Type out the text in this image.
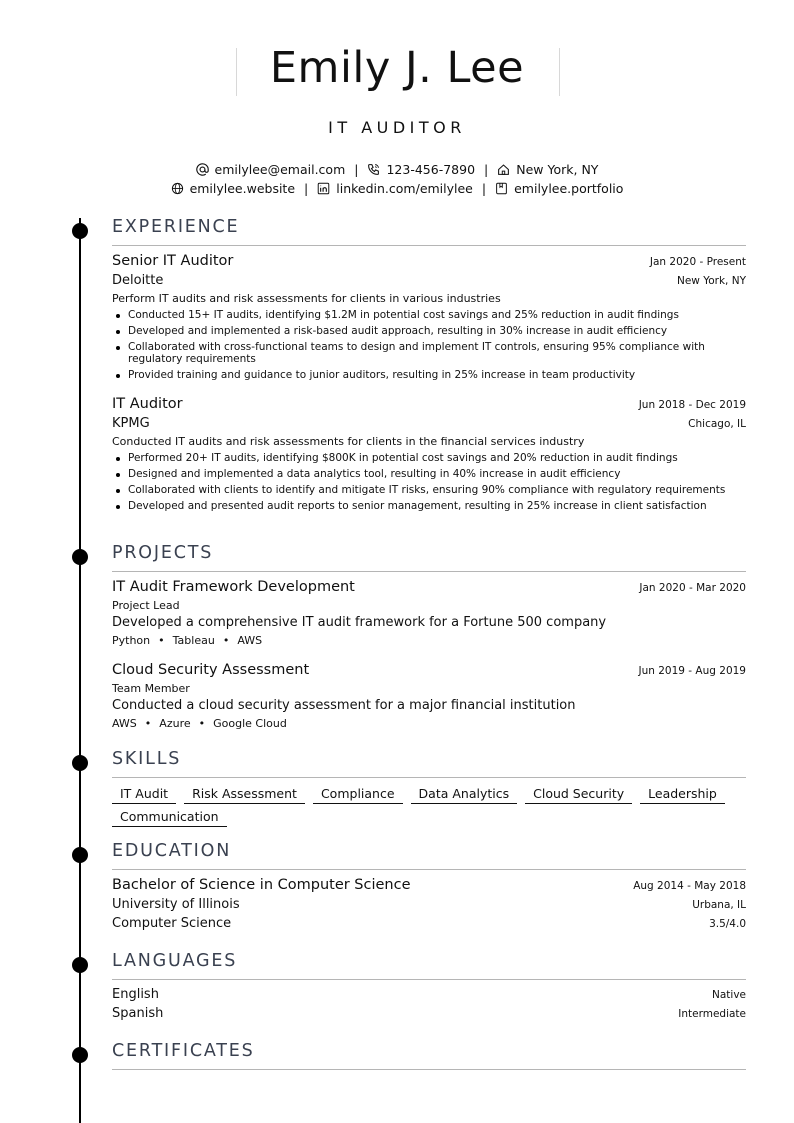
Emily J. Lee
IT AUDITOR
emilylee@email.com | 123-456-7890 | New York, NY
emilylee.website | linkedin.com/emilylee | emilylee.portfolio
EXPERIENCE
Senior IT Auditor	Jan 2020 - Present
Deloitte	New York, NY
Perform IT audits and risk assessments for clients in various industries
Conducted 15+ IT audits, identifying $1.2M in potential cost savings and 25% reduction in audit findings
Developed and implemented a risk-based audit approach, resulting in 30% increase in audit efficiency
Collaborated with cross-functional teams to design and implement IT controls, ensuring 95% compliance with regulatory requirements
Provided training and guidance to junior auditors, resulting in 25% increase in team productivity
IT Auditor	Jun 2018 - Dec 2019
KPMG	Chicago, IL
Conducted IT audits and risk assessments for clients in the financial services industry
Performed 20+ IT audits, identifying $800K in potential cost savings and 20% reduction in audit findings
Designed and implemented a data analytics tool, resulting in 40% increase in audit efficiency
Collaborated with clients to identify and mitigate IT risks, ensuring 90% compliance with regulatory requirements
Developed and presented audit reports to senior management, resulting in 25% increase in client satisfaction
PROJECTS
IT Audit Framework Development	Jan 2020 - Mar 2020
Project Lead
Developed a comprehensive IT audit framework for a Fortune 500 company
Python • Tableau • AWS
Cloud Security Assessment	Jun 2019 - Aug 2019
Team Member
Conducted a cloud security assessment for a major financial institution
AWS • Azure • Google Cloud
SKILLS
IT Audit	Risk Assessment	Compliance	Data Analytics	Cloud Security	Leadership
Communication
EDUCATION
Bachelor of Science in Computer Science	Aug 2014 - May 2018
University of Illinois	Urbana, IL
Computer Science	3.5/4.0
LANGUAGES
English	Native
Spanish	Intermediate
CERTIFICATES
